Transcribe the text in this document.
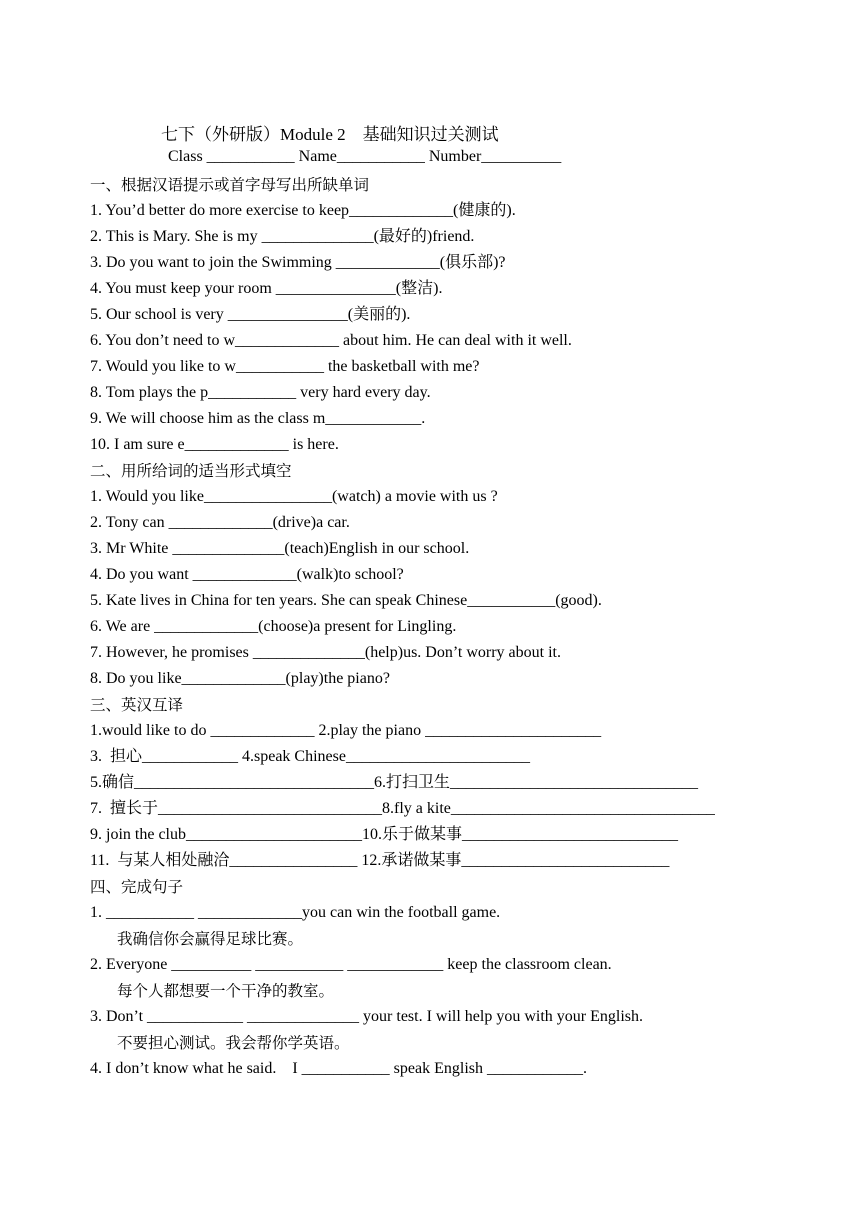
七下（外研版）Module 2    基础知识过关测试
Class ___________ Name___________ Number__________
一、根据汉语提示或首字母写出所缺单词
1. You’d better do more exercise to keep_____________(健康的).
2. This is Mary. She is my ______________(最好的)friend.
3. Do you want to join the Swimming _____________(俱乐部)?
4. You must keep your room _______________(整洁).
5. Our school is very _______________(美丽的).
6. You don’t need to w_____________ about him. He can deal with it well.
7. Would you like to w___________ the basketball with me?
8. Tom plays the p___________ very hard every day.
9. We will choose him as the class m____________.
10. I am sure e_____________ is here.
二、用所给词的适当形式填空
1. Would you like________________(watch) a movie with us ?
2. Tony can _____________(drive)a car.
3. Mr White ______________(teach)English in our school.
4. Do you want _____________(walk)to school?
5. Kate lives in China for ten years. She can speak Chinese___________(good).
6. We are _____________(choose)a present for Lingling.
7. However, he promises ______________(help)us. Don’t worry about it.
8. Do you like_____________(play)the piano?
三、英汉互译
1.would like to do _____________ 2.play the piano ______________________
3.  担心____________ 4.speak Chinese_______________________
5.确信______________________________6.打扫卫生_______________________________
7.  擅长于____________________________8.fly a kite_________________________________
9. join the club______________________10.乐于做某事___________________________
11.  与某人相处融洽________________ 12.承诺做某事__________________________
四、完成句子
1. ___________ _____________you can win the football game.
我确信你会赢得足球比赛。
2. Everyone __________ ___________ ____________ keep the classroom clean.
每个人都想要一个干净的教室。
3. Don’t ____________ ______________ your test. I will help you with your English.
不要担心测试。我会帮你学英语。
4. I don’t know what he said.    I ___________ speak English ____________.
